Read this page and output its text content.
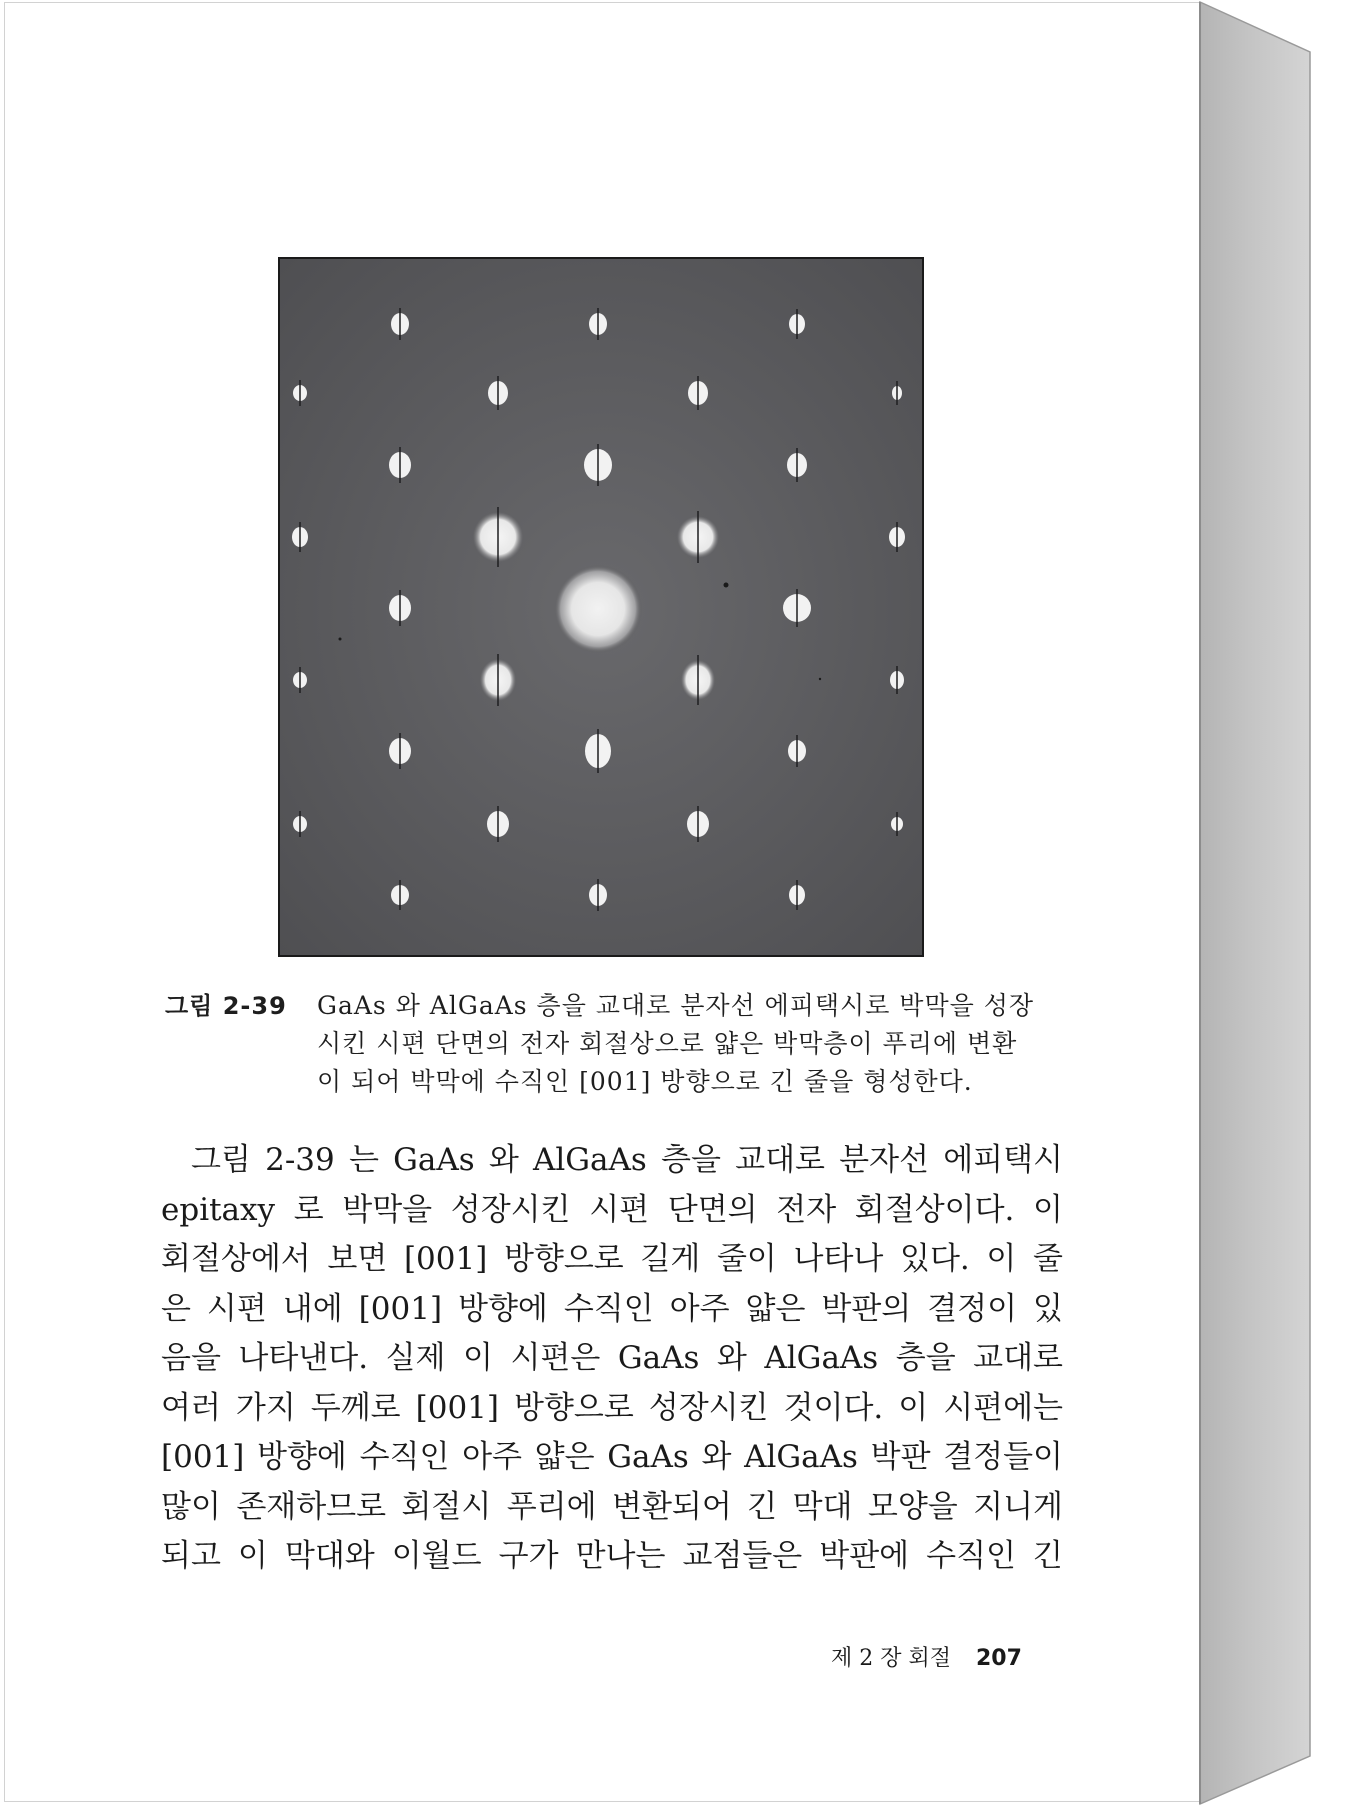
그림 2-39 GaAs 와 AlGaAs 층을 교대로 분자선 에피택시로 박막을 성장
시킨 시편 단면의 전자 회절상으로 얇은 박막층이 푸리에 변환
이 되어 박막에 수직인 [001] 방향으로 긴 줄을 형성한다.
그림 2-39 는 GaAs 와 AlGaAs 층을 교대로 분자선 에피택시
epitaxy 로 박막을 성장시킨 시편 단면의 전자 회절상이다. 이
회절상에서 보면 [001] 방향으로 길게 줄이 나타나 있다. 이 줄
은 시편 내에 [001] 방향에 수직인 아주 얇은 박판의 결정이 있
음을 나타낸다. 실제 이 시편은 GaAs 와 AlGaAs 층을 교대로
여러 가지 두께로 [001] 방향으로 성장시킨 것이다. 이 시편에는
[001] 방향에 수직인 아주 얇은 GaAs 와 AlGaAs 박판 결정들이
많이 존재하므로 회절시 푸리에 변환되어 긴 막대 모양을 지니게
되고 이 막대와 이월드 구가 만나는 교점들은 박판에 수직인 긴
제 2 장 회절 207
